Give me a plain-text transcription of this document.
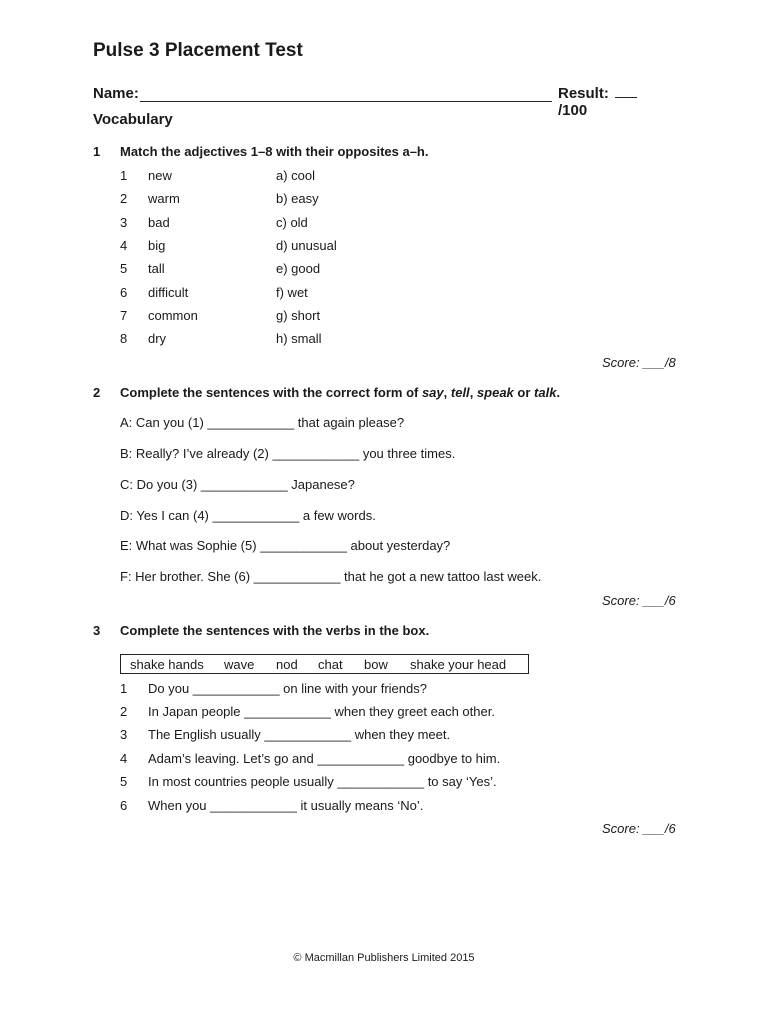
Pulse 3 Placement Test
Name:	Result: /100
Vocabulary
1	Match the adjectives 1–8 with their opposites a–h.
1 new	a) cool
2 warm	b) easy
3 bad	c) old
4 big	d) unusual
5 tall	e) good
6 difficult	f) wet
7 common	g) short
8 dry	h) small
Score: ___/8
2	Complete the sentences with the correct form of say, tell, speak or talk.
A: Can you (1) ____________ that again please?
B: Really? I’ve already (2) ____________ you three times.
C: Do you (3) ____________ Japanese?
D: Yes I can (4) ____________ a few words.
E: What was Sophie (5) ____________ about yesterday?
F: Her brother. She (6) ____________ that he got a new tattoo last week.
Score: ___/6
3	Complete the sentences with the verbs in the box.
shake hands wave nod chat bow shake your head
1 Do you ____________ on line with your friends?
2 In Japan people ____________ when they greet each other.
3 The English usually ____________ when they meet.
4 Adam’s leaving. Let’s go and ____________ goodbye to him.
5 In most countries people usually ____________ to say ‘Yes’.
6 When you ____________ it usually means ‘No’.
Score: ___/6
© Macmillan Publishers Limited 2015
